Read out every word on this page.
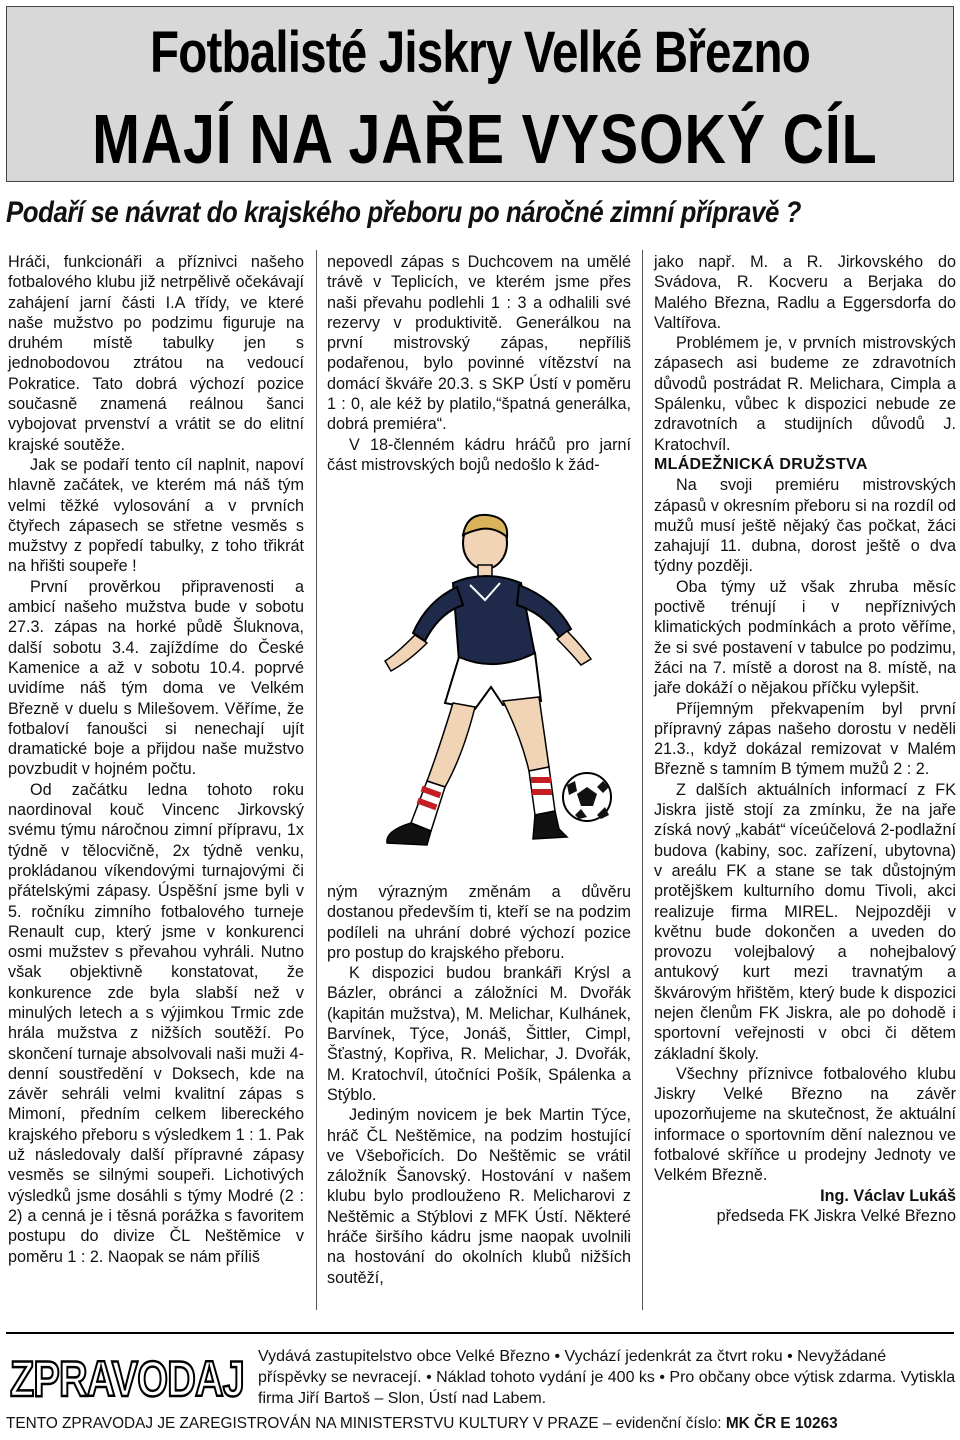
Fotbalisté Jiskry Velké Březno
MAJÍ NA JAŘE VYSOKÝ CÍL
Podaří se návrat do krajského přeboru po náročné zimní přípravě ?

Hráči, funkcionáři a příznivci našeho fotbalového klubu již netrpělivě očekávají zahájení jarní části I.A třídy, ve které naše mužstvo po podzimu figuruje na druhém místě tabulky jen s jednobodovou ztrátou na vedoucí Pokratice. Tato dobrá výchozí pozice současně znamená reálnou šanci vybojovat prvenství a vrátit se do elitní krajské soutěže.

Jak se podaří tento cíl naplnit, napoví hlavně začátek, ve kterém má náš tým velmi těžké vylosování a v prvních čtyřech zápasech se střetne vesměs s mužstvy z popředí tabulky, z toho třikrát na hřišti soupeře !

První prověrkou připravenosti a ambicí našeho mužstva bude v sobotu 27.3. zápas na horké půdě Šluknova, další sobotu 3.4. zajíždíme do České Kamenice a až v sobotu 10.4. poprvé uvidíme náš tým doma ve Velkém Březně v duelu s Milešovem. Věříme, že fotbaloví fanoušci si nenechají ujít dramatické boje a přijdou naše mužstvo povzbudit v hojném počtu.

Od začátku ledna tohoto roku naordinoval kouč Vincenc Jirkovský svému týmu náročnou zimní přípravu, 1x týdně v tělocvičně, 2x týdně venku, prokládanou víkendovými turnajovými či přátelskými zápasy. Úspěšní jsme byli v 5. ročníku zimního fotbalového turneje Renault cup, který jsme v konkurenci osmi mužstev s převahou vyhráli. Nutno však objektivně konstatovat, že konkurence zde byla slabší než v minulých letech a s výjimkou Trmic zde hrála mužstva z nižších soutěží. Po skončení turnaje absolvovali naši muži 4-denní soustředění v Doksech, kde na závěr sehráli velmi kvalitní zápas s Mimoní, předním celkem libereckého krajského přeboru s výsledkem 1 : 1. Pak už následovaly další přípravné zápasy vesměs se silnými soupeři. Lichotivých výsledků jsme dosáhli s týmy Modré (2 : 2) a cenná je i těsná porážka s favoritem postupu do divize ČL Neštěmice v poměru 1 : 2. Naopak se nám příliš

nepovedl zápas s Duchcovem na umělé trávě v Teplicích, ve kterém jsme přes naši převahu podlehli 1 : 3 a odhalili své rezervy v produktivitě. Generálkou na první mistrovský zápas, nepříliš podařenou, bylo povinné vítězství na domácí škváře 20.3. s SKP Ústí v poměru 1 : 0, ale kéž by platilo,“špatná generálka, dobrá premiéra“.

V 18-členném kádru hráčů pro jarní část mistrovských bojů nedošlo k žád-

ným výrazným změnám a důvěru dostanou především ti, kteří se na podzim podíleli na uhrání dobré výchozí pozice pro postup do krajského přeboru.

K dispozici budou brankáři Krýsl a Bázler, obránci a záložníci M. Dvořák (kapitán mužstva), M. Melichar, Kulhánek, Barvínek, Týce, Jonáš, Šittler, Cimpl, Šťastný, Kopřiva, R. Melichar, J. Dvořák, M. Kratochvíl, útočníci Pošík, Spálenka a Stýblo.

Jediným novicem je bek Martin Týce, hráč ČL Neštěmice, na podzim hostující ve Všebořicích. Do Neštěmic se vrátil záložník Šanovský. Hostování v našem klubu bylo prodlouženo R. Melicharovi z Neštěmic a Stýblovi z MFK Ústí. Některé hráče širšího kádru jsme naopak uvolnili na hostování do okolních klubů nižších soutěží,

jako např. M. a R. Jirkovského do Svádova, R. Kocveru a Berjaka do Malého Března, Radlu a Eggersdorfa do Valtířova.

Problémem je, v prvních mistrovských zápasech asi budeme ze zdravotních důvodů postrádat R. Melichara, Cimpla a Spálenku, vůbec k dispozici nebude ze zdravotních a studijních důvodů J. Kratochvíl.

MLÁDEŽNICKÁ DRUŽSTVA

Na svoji premiéru mistrovských zápasů v okresním přeboru si na rozdíl od mužů musí ještě nějaký čas počkat, žáci zahajují 11. dubna, dorost ještě o dva týdny později.

Oba týmy už však zhruba měsíc poctivě trénují i v nepříznivých klimatických podmínkách a proto věříme, že si své postavení v tabulce po podzimu, žáci na 7. místě a dorost na 8. místě, na jaře dokáží o nějakou příčku vylepšit.

Příjemným překvapením byl první přípravný zápas našeho dorostu v neděli 21.3., když dokázal remizovat v Malém Březně s tamním B týmem mužů 2 : 2.

Z dalších aktuálních informací z FK Jiskra jistě stojí za zmínku, že na jaře získá nový „kabát“ víceúčelová 2-podlažní budova (kabiny, soc. zařízení, ubytovna) v areálu FK a stane se tak důstojným protějškem kulturního domu Tivoli, akci realizuje firma MIREL. Nejpozději v květnu bude dokončen a uveden do provozu volejbalový a nohejbalový antukový kurt mezi travnatým a škvárovým hřištěm, který bude k dispozici nejen členům FK Jiskra, ale po dohodě i sportovní veřejnosti v obci či dětem základní školy.

Všechny příznivce fotbalového klubu Jiskry Velké Březno na závěr upozorňujeme na skutečnost, že aktuální informace o sportovním dění naleznou ve fotbalové skříňce u prodejny Jednoty ve Velkém Březně.

Ing. Václav Lukáš

předseda FK Jiskra Velké Březno

ZPRAVODAJ Vydává zastupitelstvo obce Velké Březno • Vychází jedenkrát za čtvrt roku • Nevyžádané příspěvky se nevracejí. • Náklad tohoto vydání je 400 ks • Pro občany obce výtisk zdarma. Vytiskla firma Jiří Bartoš – Slon, Ústí nad Labem.
TENTO ZPRAVODAJ JE ZAREGISTROVÁN NA MINISTERSTVU KULTURY V PRAZE – evidenční číslo: MK ČR E 10263
